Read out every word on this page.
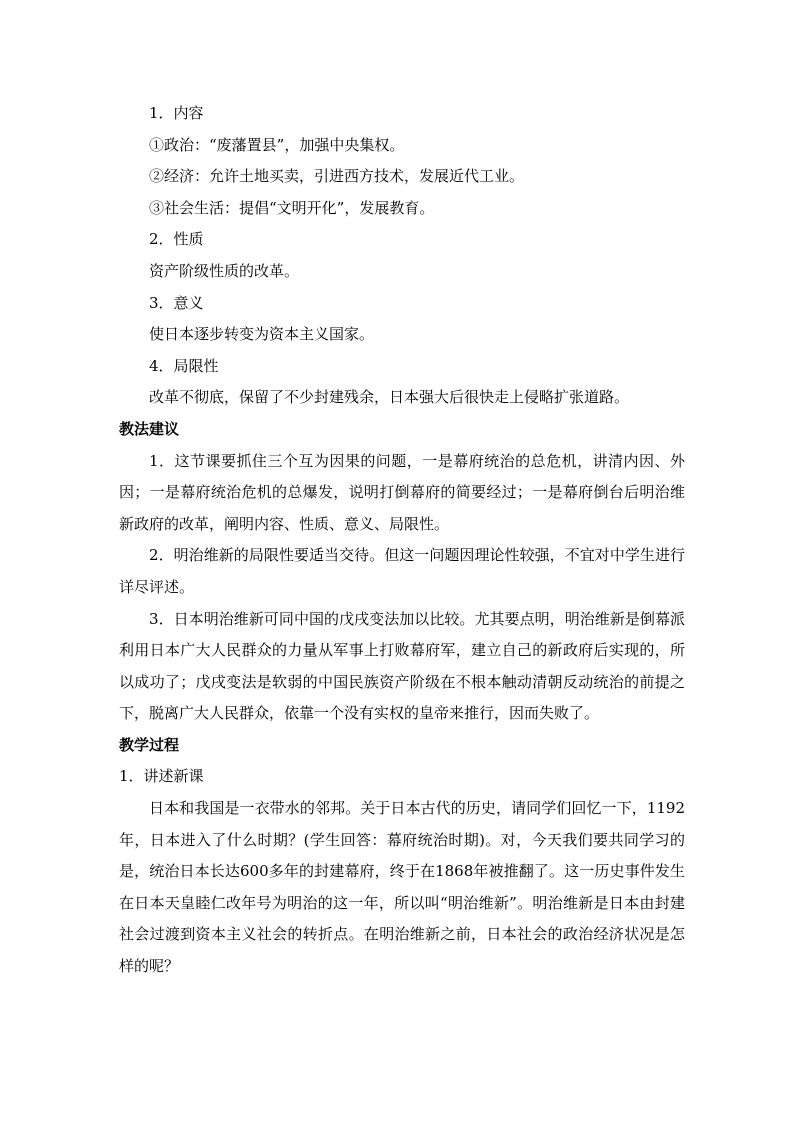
1．内容
①政治：“废藩置县”，加强中央集权。
②经济：允许土地买卖，引进西方技术，发展近代工业。
③社会生活：提倡“文明开化”，发展教育。
2．性质
资产阶级性质的改革。
3．意义
使日本逐步转变为资本主义国家。
4．局限性
改革不彻底，保留了不少封建残余，日本强大后很快走上侵略扩张道路。
教法建议

1．这节课要抓住三个互为因果的问题，一是幕府统治的总危机，讲清内因、外因；一是幕府统治危机的总爆发，说明打倒幕府的简要经过；一是幕府倒台后明治维新政府的改革，阐明内容、性质、意义、局限性。

2．明治维新的局限性要适当交待。但这一问题因理论性较强，不宜对中学生进行详尽评述。

3．日本明治维新可同中国的戊戌变法加以比较。尤其要点明，明治维新是倒幕派利用日本广大人民群众的力量从军事上打败幕府军，建立自己的新政府后实现的，所以成功了；戊戌变法是软弱的中国民族资产阶级在不根本触动清朝反动统治的前提之下，脱离广大人民群众，依靠一个没有实权的皇帝来推行，因而失败了。

教学过程
1．讲述新课

日本和我国是一衣带水的邻邦。关于日本古代的历史，请同学们回忆一下，1192年，日本进入了什么时期？(学生回答：幕府统治时期)。对，今天我们要共同学习的是，统治日本长达600多年的封建幕府，终于在1868年被推翻了。这一历史事件发生在日本天皇睦仁改年号为明治的这一年，所以叫“明治维新”。明治维新是日本由封建社会过渡到资本主义社会的转折点。在明治维新之前，日本社会的政治经济状况是怎样的呢？
